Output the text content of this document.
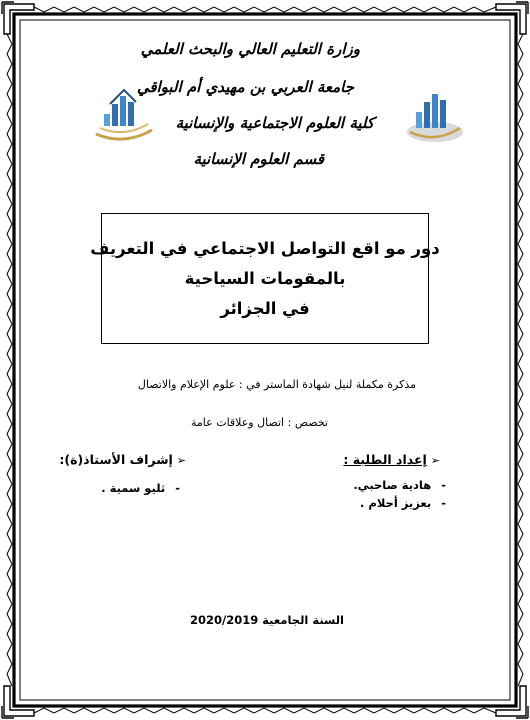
وزارة التعليم العالي والبحث العلمي
جامعة العربي بن مهيدي أم البواقي
كلية العلوم الاجتماعية والإنسانية
قسم العلوم الإنسانية
دور مو اقع التواصل الاجتماعي في التعريف
بالمقومات السياحية
في الجزائر
مذكرة مكملة لنيل شهادة الماستر في : علوم الإعلام والاتصال
تخصص : اتصال وعلاقات عامة
➢إعداد الطلبة :
-هادية صاحبي.
-بعزيز أحلام .
➢إشراف الأستاذ(ة):
-ثليو سمية .
السنة الجامعية 2020/2019
